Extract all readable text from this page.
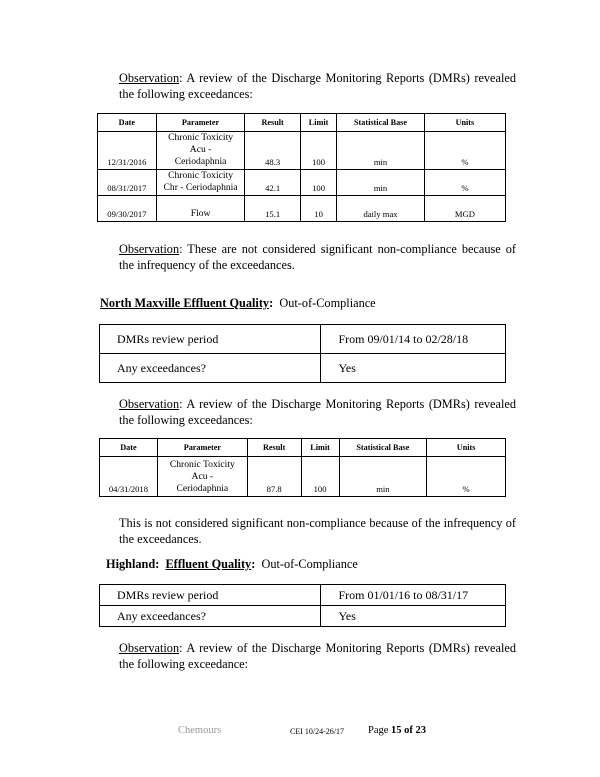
Observation: A review of the Discharge Monitoring Reports (DMRs) revealed the following exceedances:
Date	Parameter	Result	Limit	Statistical Base	Units
12/31/2016	Chronic Toxicity
Acu -
Ceriodaphnia	48.3	100	min	%
08/31/2017	Chronic Toxicity
Chr - Ceriodaphnia	42.1	100	min	%
09/30/2017	Flow	15.1	10	daily max	MGD
Observation: These are not considered significant non-compliance because of the infrequency of the exceedances.
North Maxville Effluent Quality: Out-of-Compliance
DMRs review period	From 09/01/14 to 02/28/18
Any exceedances?	Yes
Observation: A review of the Discharge Monitoring Reports (DMRs) revealed the following exceedances:
Date	Parameter	Result	Limit	Statistical Base	Units
04/31/2018	Chronic Toxicity
Acu -
Ceriodaphnia	87.8	100	min	%
This is not considered significant non-compliance because of the infrequency of the exceedances.
Highland: Effluent Quality: Out-of-Compliance
DMRs review period	From 01/01/16 to 08/31/17
Any exceedances?	Yes
Observation: A review of the Discharge Monitoring Reports (DMRs) revealed the following exceedance:
Chemours	CEI 10/24-26/17 Page 15 of 23
